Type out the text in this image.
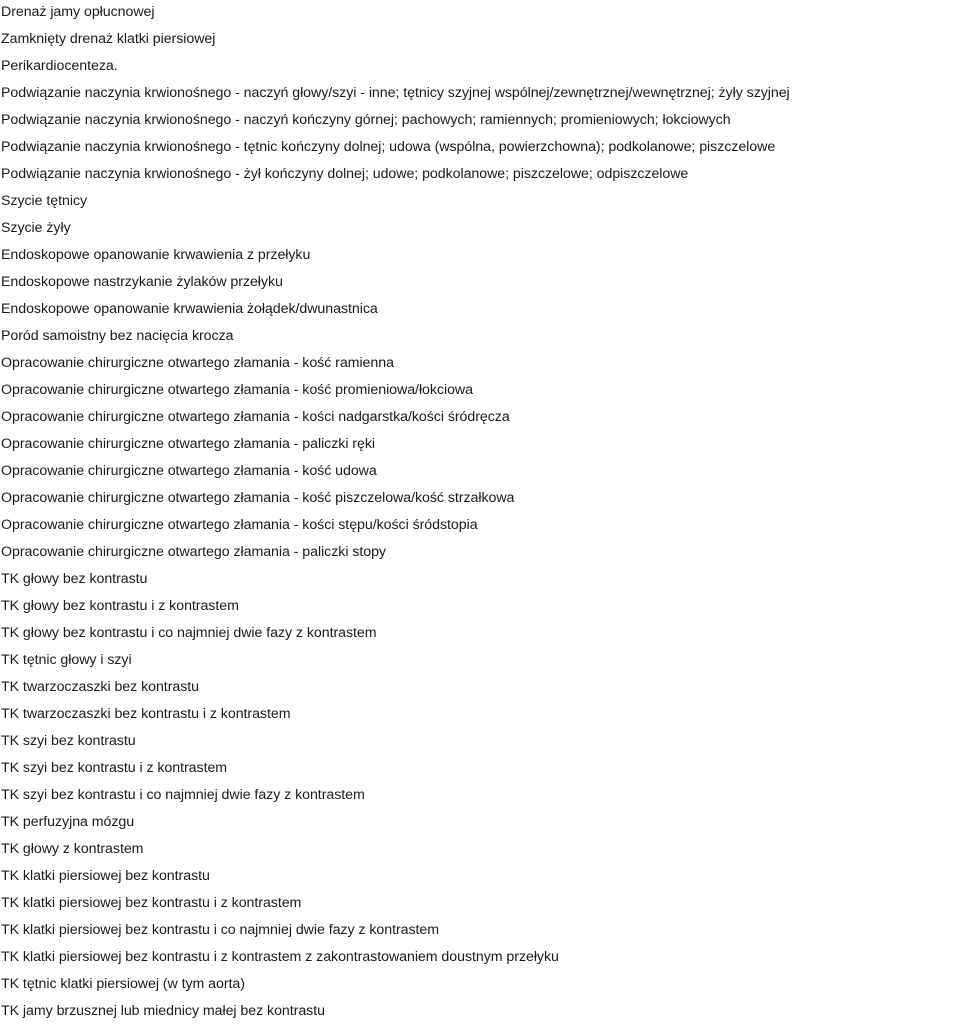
Drenaż jamy opłucnowej
Zamknięty drenaż klatki piersiowej
Perikardiocenteza.
Podwiązanie naczynia krwionośnego - naczyń głowy/szyi - inne; tętnicy szyjnej wspólnej/zewnętrznej/wewnętrznej; żyły szyjnej
Podwiązanie naczynia krwionośnego - naczyń kończyny górnej; pachowych; ramiennych; promieniowych; łokciowych
Podwiązanie naczynia krwionośnego - tętnic kończyny dolnej; udowa (wspólna, powierzchowna); podkolanowe; piszczelowe
Podwiązanie naczynia krwionośnego - żył kończyny dolnej; udowe; podkolanowe; piszczelowe; odpiszczelowe
Szycie tętnicy
Szycie żyły
Endoskopowe opanowanie krwawienia z przełyku
Endoskopowe nastrzykanie żylaków przełyku
Endoskopowe opanowanie krwawienia żołądek/dwunastnica
Poród samoistny bez nacięcia krocza
Opracowanie chirurgiczne otwartego złamania - kość ramienna
Opracowanie chirurgiczne otwartego złamania - kość promieniowa/łokciowa
Opracowanie chirurgiczne otwartego złamania - kości nadgarstka/kości śródręcza
Opracowanie chirurgiczne otwartego złamania - paliczki ręki
Opracowanie chirurgiczne otwartego złamania - kość udowa
Opracowanie chirurgiczne otwartego złamania - kość piszczelowa/kość strzałkowa
Opracowanie chirurgiczne otwartego złamania - kości stępu/kości śródstopia
Opracowanie chirurgiczne otwartego złamania - paliczki stopy
TK głowy bez kontrastu
TK głowy bez kontrastu i z kontrastem
TK głowy bez kontrastu i co najmniej dwie fazy z kontrastem
TK tętnic głowy i szyi
TK twarzoczaszki bez kontrastu
TK twarzoczaszki bez kontrastu i z kontrastem
TK szyi bez kontrastu
TK szyi bez kontrastu i z kontrastem
TK szyi bez kontrastu i co najmniej dwie fazy z kontrastem
TK perfuzyjna mózgu
TK głowy z kontrastem
TK klatki piersiowej bez kontrastu
TK klatki piersiowej bez kontrastu i z kontrastem
TK klatki piersiowej bez kontrastu i co najmniej dwie fazy z kontrastem
TK klatki piersiowej bez kontrastu i z kontrastem z zakontrastowaniem doustnym przełyku
TK tętnic klatki piersiowej (w tym aorta)
TK jamy brzusznej lub miednicy małej bez kontrastu
